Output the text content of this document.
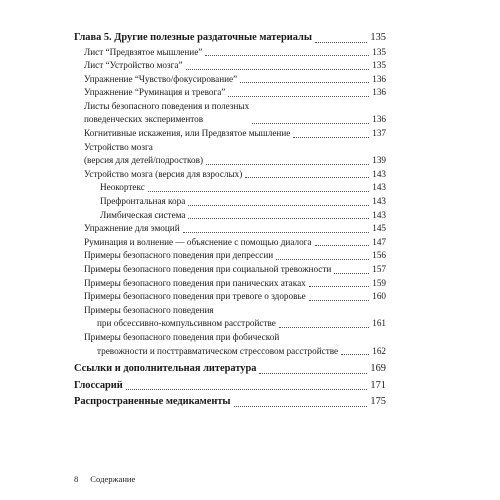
Глава 5. Другие полезные раздаточные материалы	135
Лист “Предвзятое мышление”	135
Лист “Устройство мозга”	135
Упражнение “Чувство/фокусирование”	136
Упражнение “Руминация и тревога”	136
Листы безопасного поведения и полезных
поведенческих экспериментов	136
Когнитивные искажения, или Предвзятое мышление	137
Устройство мозга
(версия для детей/подростков)	139
Устройство мозга (версия для взрослых)	143
Неокортекс	143
Префронтальная кора	143
Лимбическая система	143
Упражнение для эмоций	145
Руминация и волнение — объяснение с помощью диалога	147
Примеры безопасного поведения при депрессии	156
Примеры безопасного поведения при социальной тревожности	157
Примеры безопасного поведения при панических атаках	159
Примеры безопасного поведения при тревоге о здоровье	160
Примеры безопасного поведения
при обсессивно-компульсивном расстройстве	161
Примеры безопасного поведения при фобической
тревожности и посттравматическом стрессовом расстройстве	162
Ссылки и дополнительная литература	169
Глоссарий	171
Распространенные медикаменты	175
8 Содержание
